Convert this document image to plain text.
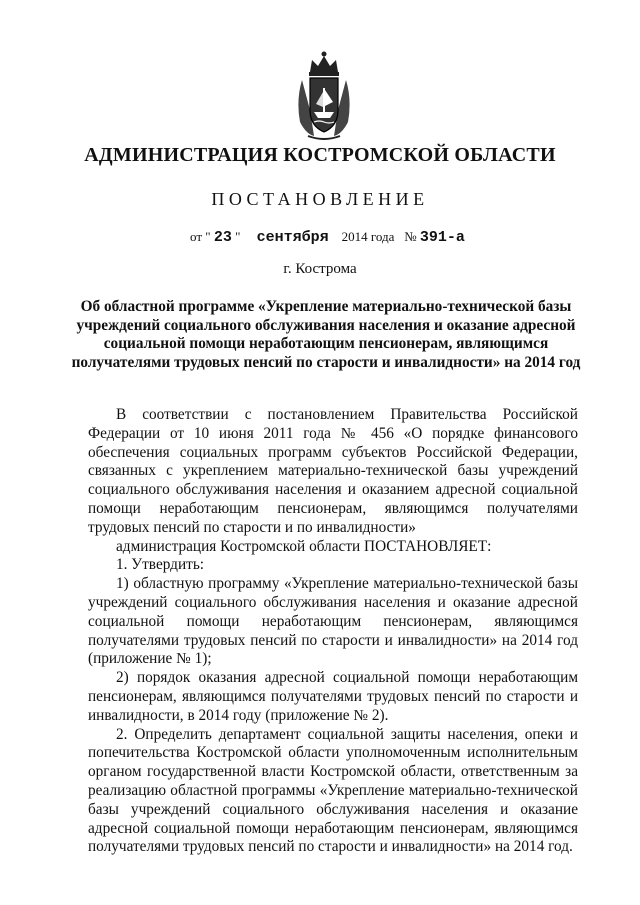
АДМИНИСТРАЦИЯ КОСТРОМСКОЙ ОБЛАСТИ
ПОСТАНОВЛЕНИЕ
от " 23 " сентября 2014 года № 391-а
г. Кострома
Об областной программе «Укрепление материально-технической базы учреждений социального обслуживания населения и оказание адресной социальной помощи неработающим пенсионерам, являющимся получателями трудовых пенсий по старости и инвалидности» на 2014 год

В соответствии с постановлением Правительства Российской Федерации от 10 июня 2011 года № 456 «О порядке финансового обеспечения социальных программ субъектов Российской Федерации, связанных с укреплением материально-технической базы учреждений социального обслуживания населения и оказанием адресной социальной помощи неработающим пенсионерам, являющимся получателями трудовых пенсий по старости и по инвалидности»

администрация Костромской области ПОСТАНОВЛЯЕТ:

1. Утвердить:

1) областную программу «Укрепление материально-технической базы учреждений социального обслуживания населения и оказание адресной социальной помощи неработающим пенсионерам, являющимся получателями трудовых пенсий по старости и инвалидности» на 2014 год (приложение № 1);

2) порядок оказания адресной социальной помощи неработающим пенсионерам, являющимся получателями трудовых пенсий по старости и инвалидности, в 2014 году (приложение № 2).

2. Определить департамент социальной защиты населения, опеки и попечительства Костромской области уполномоченным исполнительным органом государственной власти Костромской области, ответственным за реализацию областной программы «Укрепление материально-технической базы учреждений социального обслуживания населения и оказание адресной социальной помощи неработающим пенсионерам, являющимся получателями трудовых пенсий по старости и инвалидности» на 2014 год.
